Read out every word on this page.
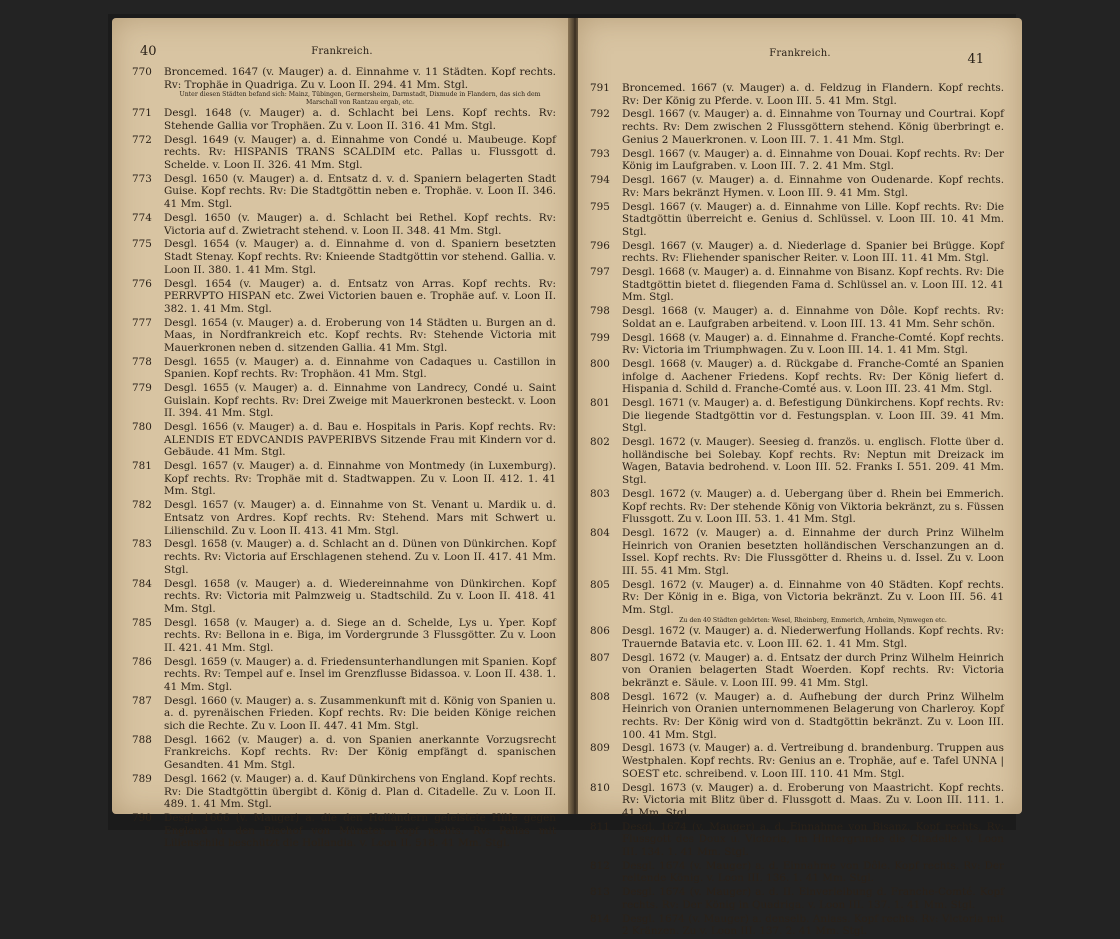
40	Frankreich.
770	Broncemed. 1647 (v. Mauger) a. d. Einnahme v. 11 Städten. Kopf rechts. Rv: Trophäe in Quadriga. Zu v. Loon II. 294. 41 Mm. Stgl.
Unter diesen Städten befand sich: Mainz, Tübingen, Germersheim, Darmstadt, Dixmude in Flandern, das sich dem Marschall von Rantzau ergab, etc.
771	Desgl. 1648 (v. Mauger) a. d. Schlacht bei Lens. Kopf rechts. Rv: Stehende Gallia vor Trophäen. Zu v. Loon II. 316. 41 Mm. Stgl.
772	Desgl. 1649 (v. Mauger) a. d. Einnahme von Condé u. Maubeuge. Kopf rechts. Rv: HISPANIS TRANS SCALDIM etc. Pallas u. Flussgott d. Schelde. v. Loon II. 326. 41 Mm. Stgl.
773	Desgl. 1650 (v. Mauger) a. d. Entsatz d. v. d. Spaniern belagerten Stadt Guise. Kopf rechts. Rv: Die Stadtgöttin neben e. Trophäe. v. Loon II. 346. 41 Mm. Stgl.
774	Desgl. 1650 (v. Mauger) a. d. Schlacht bei Rethel. Kopf rechts. Rv: Victoria auf d. Zwietracht stehend. v. Loon II. 348. 41 Mm. Stgl.
775	Desgl. 1654 (v. Mauger) a. d. Einnahme d. von d. Spaniern besetzten Stadt Stenay. Kopf rechts. Rv: Knieende Stadtgöttin vor stehend. Gallia. v. Loon II. 380. 1. 41 Mm. Stgl.
776	Desgl. 1654 (v. Mauger) a. d. Entsatz von Arras. Kopf rechts. Rv: PERRVPTO HISPAN etc. Zwei Victorien bauen e. Trophäe auf. v. Loon II. 382. 1. 41 Mm. Stgl.
777	Desgl. 1654 (v. Mauger) a. d. Eroberung von 14 Städten u. Burgen an d. Maas, in Nordfrankreich etc. Kopf rechts. Rv: Stehende Victoria mit Mauerkronen neben d. sitzenden Gallia. 41 Mm. Stgl.
778	Desgl. 1655 (v. Mauger) a. d. Einnahme von Cadaques u. Castillon in Spanien. Kopf rechts. Rv: Trophäon. 41 Mm. Stgl.
779	Desgl. 1655 (v. Mauger) a. d. Einnahme von Landrecy, Condé u. Saint Guislain. Kopf rechts. Rv: Drei Zweige mit Mauerkronen besteckt. v. Loon II. 394. 41 Mm. Stgl.
780	Desgl. 1656 (v. Mauger) a. d. Bau e. Hospitals in Paris. Kopf rechts. Rv: ALENDIS ET EDVCANDIS PAVPERIBVS Sitzende Frau mit Kindern vor d. Gebäude. 41 Mm. Stgl.
781	Desgl. 1657 (v. Mauger) a. d. Einnahme von Montmedy (in Luxemburg). Kopf rechts. Rv: Trophäe mit d. Stadtwappen. Zu v. Loon II. 412. 1. 41 Mm. Stgl.
782	Desgl. 1657 (v. Mauger) a. d. Einnahme von St. Venant u. Mardik u. d. Entsatz von Ardres. Kopf rechts. Rv: Stehend. Mars mit Schwert u. Lilienschild. Zu v. Loon II. 413. 41 Mm. Stgl.
783	Desgl. 1658 (v. Mauger) a. d. Schlacht an d. Dünen von Dünkirchen. Kopf rechts. Rv: Victoria auf Erschlagenen stehend. Zu v. Loon II. 417. 41 Mm. Stgl.
784	Desgl. 1658 (v. Mauger) a. d. Wiedereinnahme von Dünkirchen. Kopf rechts. Rv: Victoria mit Palmzweig u. Stadtschild. Zu v. Loon II. 418. 41 Mm. Stgl.
785	Desgl. 1658 (v. Mauger) a. d. Siege an d. Schelde, Lys u. Yper. Kopf rechts. Rv: Bellona in e. Biga, im Vordergrunde 3 Flussgötter. Zu v. Loon II. 421. 41 Mm. Stgl.
786	Desgl. 1659 (v. Mauger) a. d. Friedensunterhandlungen mit Spanien. Kopf rechts. Rv: Tempel auf e. Insel im Grenzflusse Bidassoa. v. Loon II. 438. 1. 41 Mm. Stgl.
787	Desgl. 1660 (v. Mauger) a. s. Zusammenkunft mit d. König von Spanien u. a. d. pyrenäischen Frieden. Kopf rechts. Rv: Die beiden Könige reichen sich die Rechte. Zu v. Loon II. 447. 41 Mm. Stgl.
788	Desgl. 1662 (v. Mauger) a. d. von Spanien anerkannte Vorzugsrecht Frankreichs. Kopf rechts. Rv: Der König empfängt d. spanischen Gesandten. 41 Mm. Stgl.
789	Desgl. 1662 (v. Mauger) a. d. Kauf Dünkirchens von England. Kopf rechts. Rv: Die Stadtgöttin übergibt d. König d. Plan d. Citadelle. Zu v. Loon II. 489. 1. 41 Mm. Stgl.
790	Desgl. 1666 (v. Mauger) a. die den Holländern geleistete Hilfe gegen England u. den Bischof von Münster. Kopf rechts. Rv: Pallas mit Lilienschild beschützt die Hollandia. v. Loon II. 518. 41 Mm. Stgl.
Frankreich.	41
791	Broncemed. 1667 (v. Mauger) a. d. Feldzug in Flandern. Kopf rechts. Rv: Der König zu Pferde. v. Loon III. 5. 41 Mm. Stgl.
792	Desgl. 1667 (v. Mauger) a. d. Einnahme von Tournay und Courtrai. Kopf rechts. Rv: Dem zwischen 2 Flussgöttern stehend. König überbringt e. Genius 2 Mauerkronen. v. Loon III. 7. 1. 41 Mm. Stgl.
793	Desgl. 1667 (v. Mauger) a. d. Einnahme von Douai. Kopf rechts. Rv: Der König im Laufgraben. v. Loon III. 7. 2. 41 Mm. Stgl.
794	Desgl. 1667 (v. Mauger) a. d. Einnahme von Oudenarde. Kopf rechts. Rv: Mars bekränzt Hymen. v. Loon III. 9. 41 Mm. Stgl.
795	Desgl. 1667 (v. Mauger) a. d. Einnahme von Lille. Kopf rechts. Rv: Die Stadtgöttin überreicht e. Genius d. Schlüssel. v. Loon III. 10. 41 Mm. Stgl.
796	Desgl. 1667 (v. Mauger) a. d. Niederlage d. Spanier bei Brügge. Kopf rechts. Rv: Fliehender spanischer Reiter. v. Loon III. 11. 41 Mm. Stgl.
797	Desgl. 1668 (v. Mauger) a. d. Einnahme von Bisanz. Kopf rechts. Rv: Die Stadtgöttin bietet d. fliegenden Fama d. Schlüssel an. v. Loon III. 12. 41 Mm. Stgl.
798	Desgl. 1668 (v. Mauger) a. d. Einnahme von Dôle. Kopf rechts. Rv: Soldat an e. Laufgraben arbeitend. v. Loon III. 13. 41 Mm. Sehr schön.
799	Desgl. 1668 (v. Mauger) a. d. Einnahme d. Franche-Comté. Kopf rechts. Rv: Victoria im Triumphwagen. Zu v. Loon III. 14. 1. 41 Mm. Stgl.
800	Desgl. 1668 (v. Mauger) a. d. Rückgabe d. Franche-Comté an Spanien infolge d. Aachener Friedens. Kopf rechts. Rv: Der König liefert d. Hispania d. Schild d. Franche-Comté aus. v. Loon III. 23. 41 Mm. Stgl.
801	Desgl. 1671 (v. Mauger) a. d. Befestigung Dünkirchens. Kopf rechts. Rv: Die liegende Stadtgöttin vor d. Festungsplan. v. Loon III. 39. 41 Mm. Stgl.
802	Desgl. 1672 (v. Mauger). Seesieg d. französ. u. englisch. Flotte über d. holländische bei Solebay. Kopf rechts. Rv: Neptun mit Dreizack im Wagen, Batavia bedrohend. v. Loon III. 52. Franks I. 551. 209. 41 Mm. Stgl.
803	Desgl. 1672 (v. Mauger) a. d. Uebergang über d. Rhein bei Emmerich. Kopf rechts. Rv: Der stehende König von Viktoria bekränzt, zu s. Füssen Flussgott. Zu v. Loon III. 53. 1. 41 Mm. Stgl.
804	Desgl. 1672 (v. Mauger) a. d. Einnahme der durch Prinz Wilhelm Heinrich von Oranien besetzten holländischen Verschanzungen an d. Issel. Kopf rechts. Rv: Die Flussgötter d. Rheins u. d. Issel. Zu v. Loon III. 55. 41 Mm. Stgl.
805	Desgl. 1672 (v. Mauger) a. d. Einnahme von 40 Städten. Kopf rechts. Rv: Der König in e. Biga, von Victoria bekränzt. Zu v. Loon III. 56. 41 Mm. Stgl.
Zu den 40 Städten gehörten: Wesel, Rheinberg, Emmerich, Arnheim, Nymwegen etc.
806	Desgl. 1672 (v. Mauger) a. d. Niederwerfung Hollands. Kopf rechts. Rv: Trauernde Batavia etc. v. Loon III. 62. 1. 41 Mm. Stgl.
807	Desgl. 1672 (v. Mauger) a. d. Entsatz der durch Prinz Wilhelm Heinrich von Oranien belagerten Stadt Woerden. Kopf rechts. Rv: Victoria bekränzt e. Säule. v. Loon III. 99. 41 Mm. Stgl.
808	Desgl. 1672 (v. Mauger) a. d. Aufhebung der durch Prinz Wilhelm Heinrich von Oranien unternommenen Belagerung von Charleroy. Kopf rechts. Rv: Der König wird von d. Stadtgöttin bekränzt. Zu v. Loon III. 100. 41 Mm. Stgl.
809	Desgl. 1673 (v. Mauger) a. d. Vertreibung d. brandenburg. Truppen aus Westphalen. Kopf rechts. Rv: Genius an e. Trophäe, auf e. Tafel UNNA | SOEST etc. schreibend. v. Loon III. 110. 41 Mm. Stgl.
810	Desgl. 1673 (v. Mauger) a. d. Eroberung von Maastricht. Kopf rechts. Rv: Victoria mit Blitz über d. Flussgott d. Maas. Zu v. Loon III. 111. 1. 41 Mm. Stgl.
811	Desgl. 1674 (v. Mauger) a. d. Einnahme von Bisanz. Kopf rechts. Rv: Flussgott des Doux u. Victoria, im Hintergrunde die Citadelle. v. Loon III. 134. 1. 41 Mm. Stgl.
812	Desgl. 1674 (v. Mauger) a. d. Einnahme von Dôle. Kopf rechts. Rv: Der reitende König. v. Loon III. 136. 1. 41 Mm. Stgl.
813	Desgl. 1674 (v. Mauger) a. d. II. Einverleibung d. Franche-Comté. Kopf rechts. Rv: Der König in Quadriga. v. Loon III. 137. 1. 41 Mm. Stgl.
814	Desgl. 1674 (v. Mauger) a. denselb. Anlass. Kopf rechts. Rv: Victoria mit 2 Kränzen. Zu v. Loon III. 137. 2. 41 Mm. Stgl.
